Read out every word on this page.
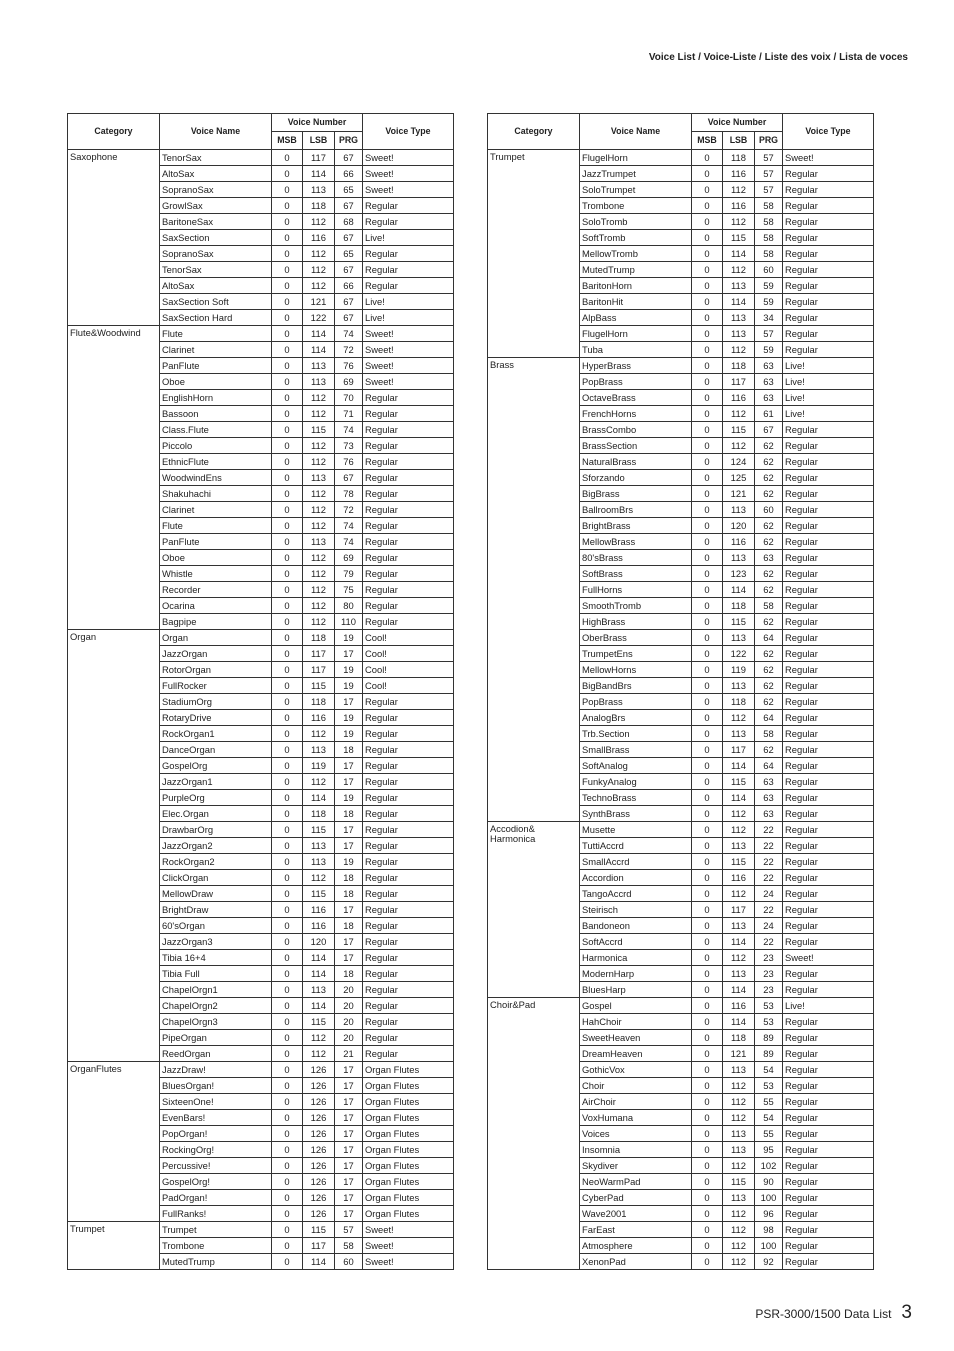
Voice List / Voice-Liste / Liste des voix / Lista de voces
Category	Voice Name	Voice Number			Voice Type
		MSB	LSB	PRG	
Saxophone	TenorSax	0	117	67	Sweet!
	AltoSax	0	114	66	Sweet!
	SopranoSax	0	113	65	Sweet!
	GrowlSax	0	118	67	Regular
	BaritoneSax	0	112	68	Regular
	SaxSection	0	116	67	Live!
	SopranoSax	0	112	65	Regular
	TenorSax	0	112	67	Regular
	AltoSax	0	112	66	Regular
	SaxSection Soft	0	121	67	Live!
	SaxSection Hard	0	122	67	Live!
Flute&Woodwind	Flute	0	114	74	Sweet!
	Clarinet	0	114	72	Sweet!
	PanFlute	0	113	76	Sweet!
	Oboe	0	113	69	Sweet!
	EnglishHorn	0	112	70	Regular
	Bassoon	0	112	71	Regular
	Class.Flute	0	115	74	Regular
	Piccolo	0	112	73	Regular
	EthnicFlute	0	112	76	Regular
	WoodwindEns	0	113	67	Regular
	Shakuhachi	0	112	78	Regular
	Clarinet	0	112	72	Regular
	Flute	0	112	74	Regular
	PanFlute	0	113	74	Regular
	Oboe	0	112	69	Regular
	Whistle	0	112	79	Regular
	Recorder	0	112	75	Regular
	Ocarina	0	112	80	Regular
	Bagpipe	0	112	110	Regular
Organ	Organ	0	118	19	Cool!
	JazzOrgan	0	117	17	Cool!
	RotorOrgan	0	117	19	Cool!
	FullRocker	0	115	19	Cool!
	StadiumOrg	0	118	17	Regular
	RotaryDrive	0	116	19	Regular
	RockOrgan1	0	112	19	Regular
	DanceOrgan	0	113	18	Regular
	GospelOrg	0	119	17	Regular
	JazzOrgan1	0	112	17	Regular
	PurpleOrg	0	114	19	Regular
	Elec.Organ	0	118	18	Regular
	DrawbarOrg	0	115	17	Regular
	JazzOrgan2	0	113	17	Regular
	RockOrgan2	0	113	19	Regular
	ClickOrgan	0	112	18	Regular
	MellowDraw	0	115	18	Regular
	BrightDraw	0	116	17	Regular
	60'sOrgan	0	116	18	Regular
	JazzOrgan3	0	120	17	Regular
	Tibia 16+4	0	114	17	Regular
	Tibia Full	0	114	18	Regular
	ChapelOrgn1	0	113	20	Regular
	ChapelOrgn2	0	114	20	Regular
	ChapelOrgn3	0	115	20	Regular
	PipeOrgan	0	112	20	Regular
	ReedOrgan	0	112	21	Regular
OrganFlutes	JazzDraw!	0	126	17	Organ Flutes
	BluesOrgan!	0	126	17	Organ Flutes
	SixteenOne!	0	126	17	Organ Flutes
	EvenBars!	0	126	17	Organ Flutes
	PopOrgan!	0	126	17	Organ Flutes
	RockingOrg!	0	126	17	Organ Flutes
	Percussive!	0	126	17	Organ Flutes
	GospelOrg!	0	126	17	Organ Flutes
	PadOrgan!	0	126	17	Organ Flutes
	FullRanks!	0	126	17	Organ Flutes
Trumpet	Trumpet	0	115	57	Sweet!
	Trombone	0	117	58	Sweet!
	MutedTrump	0	114	60	Sweet!
Category	Voice Name	Voice Number			Voice Type
		MSB	LSB	PRG	
Trumpet	FlugelHorn	0	118	57	Sweet!
	JazzTrumpet	0	116	57	Regular
	SoloTrumpet	0	112	57	Regular
	Trombone	0	116	58	Regular
	SoloTromb	0	112	58	Regular
	SoftTromb	0	115	58	Regular
	MellowTromb	0	114	58	Regular
	MutedTrump	0	112	60	Regular
	BaritonHorn	0	113	59	Regular
	BaritonHit	0	114	59	Regular
	AlpBass	0	113	34	Regular
	FlugelHorn	0	113	57	Regular
	Tuba	0	112	59	Regular
Brass	HyperBrass	0	118	63	Live!
	PopBrass	0	117	63	Live!
	OctaveBrass	0	116	63	Live!
	FrenchHorns	0	112	61	Live!
	BrassCombo	0	115	67	Regular
	BrassSection	0	112	62	Regular
	NaturalBrass	0	124	62	Regular
	Sforzando	0	125	62	Regular
	BigBrass	0	121	62	Regular
	BallroomBrs	0	113	60	Regular
	BrightBrass	0	120	62	Regular
	MellowBrass	0	116	62	Regular
	80'sBrass	0	113	63	Regular
	SoftBrass	0	123	62	Regular
	FullHorns	0	114	62	Regular
	SmoothTromb	0	118	58	Regular
	HighBrass	0	115	62	Regular
	OberBrass	0	113	64	Regular
	TrumpetEns	0	122	62	Regular
	MellowHorns	0	119	62	Regular
	BigBandBrs	0	113	62	Regular
	PopBrass	0	118	62	Regular
	AnalogBrs	0	112	64	Regular
	Trb.Section	0	113	58	Regular
	SmallBrass	0	117	62	Regular
	SoftAnalog	0	114	64	Regular
	FunkyAnalog	0	115	63	Regular
	TechnoBrass	0	114	63	Regular
	SynthBrass	0	112	63	Regular
Accodion& Harmonica	Musette	0	112	22	Regular
	TuttiAccrd	0	113	22	Regular
	SmallAccrd	0	115	22	Regular
	Accordion	0	116	22	Regular
	TangoAccrd	0	112	24	Regular
	Steirisch	0	117	22	Regular
	Bandoneon	0	113	24	Regular
	SoftAccrd	0	114	22	Regular
	Harmonica	0	112	23	Sweet!
	ModernHarp	0	113	23	Regular
	BluesHarp	0	114	23	Regular
Choir&Pad	Gospel	0	116	53	Live!
	HahChoir	0	114	53	Regular
	SweetHeaven	0	118	89	Regular
	DreamHeaven	0	121	89	Regular
	GothicVox	0	113	54	Regular
	Choir	0	112	53	Regular
	AirChoir	0	112	55	Regular
	VoxHumana	0	112	54	Regular
	Voices	0	113	55	Regular
	Insomnia	0	113	95	Regular
	Skydiver	0	112	102	Regular
	NeoWarmPad	0	115	90	Regular
	CyberPad	0	113	100	Regular
	Wave2001	0	112	96	Regular
	FarEast	0	112	98	Regular
	Atmosphere	0	112	100	Regular
	XenonPad	0	112	92	Regular
PSR-3000/1500 Data List 3
